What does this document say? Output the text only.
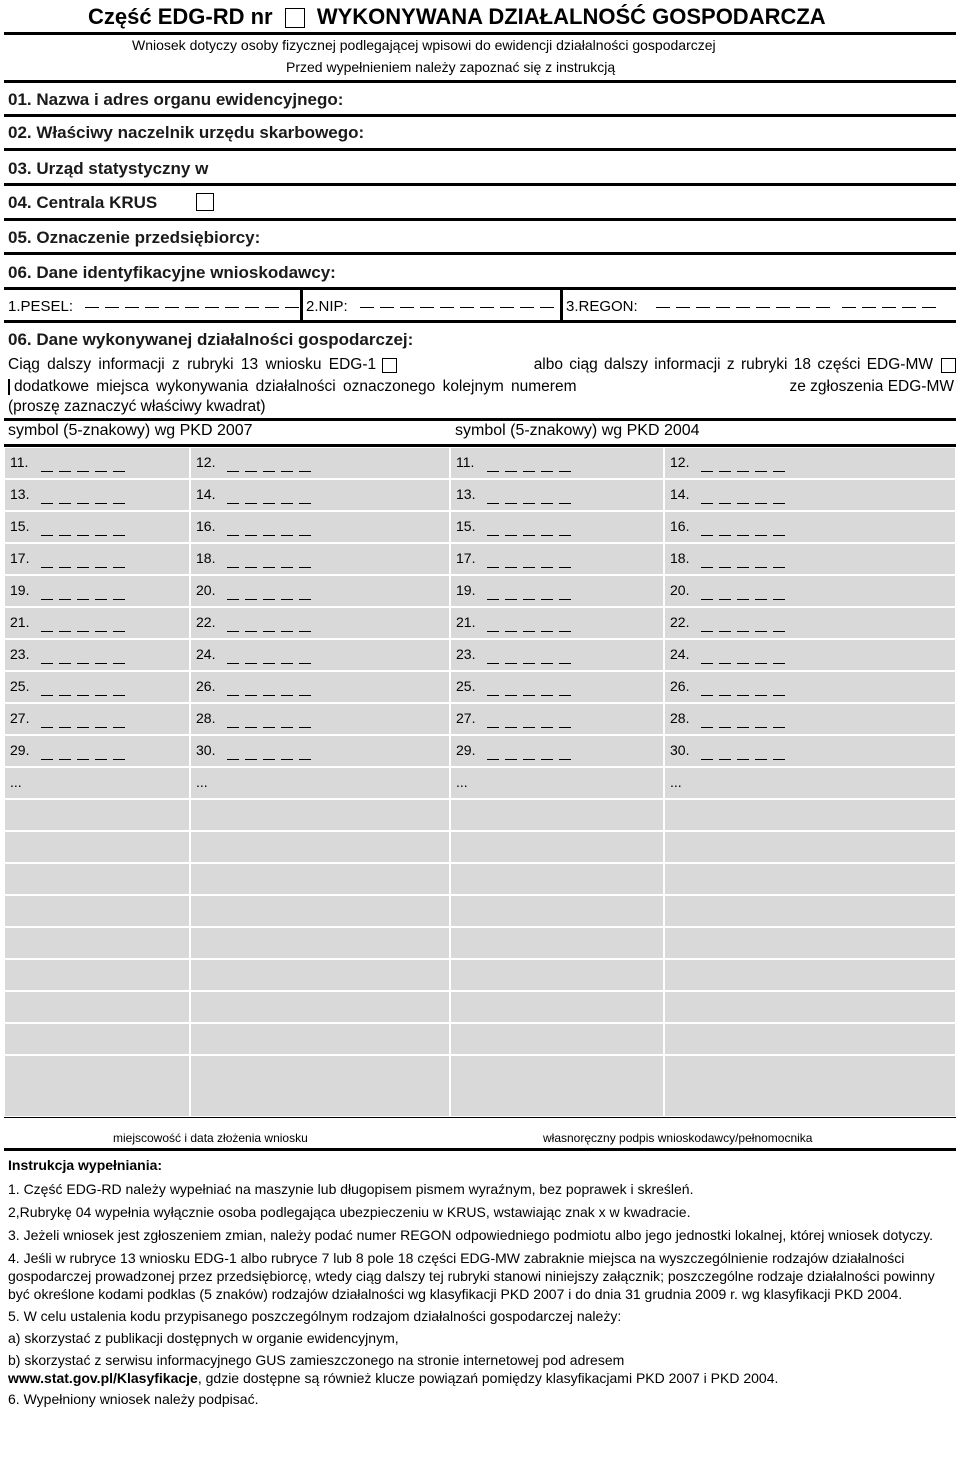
Część EDG-RD nr WYKONYWANA DZIAŁALNOŚĆ GOSPODARCZA
Wniosek dotyczy osoby fizycznej podlegającej wpisowi do ewidencji działalności gospodarczej
Przed wypełnieniem należy zapoznać się z instrukcją
01. Nazwa i adres organu ewidencyjnego:
02. Właściwy naczelnik urzędu skarbowego:
03. Urząd statystyczny w
04. Centrala KRUS
05. Oznaczenie przedsiębiorcy:
06. Dane identyfikacyjne wnioskodawcy:
1.PESEL:	2.NIP:	3.REGON:
06. Dane wykonywanej działalności gospodarczej:
Ciąg dalszy informacji z rubryki 13 wniosku EDG-1	albo ciąg dalszy informacji z rubryki 18 części EDG-MW
dodatkowe miejsca wykonywania działalności oznaczonego kolejnym numerem	ze zgłoszenia EDG-MW
(proszę zaznaczyć właściwy kwadrat)
symbol (5-znakowy) wg PKD 2007	symbol (5-znakowy) wg PKD 2004
11.	12.	11.	12.
13.	14.	13.	14.
15.	16.	15.	16.
17.	18.	17.	18.
19.	20.	19.	20.
21.	22.	21.	22.
23.	24.	23.	24.
25.	26.	25.	26.
27.	28.	27.	28.
29.	30.	29.	30.
...	...	...	...
miejscowość i data złożenia wniosku	własnoręczny podpis wnioskodawcy/pełnomocnika

Instrukcja wypełniania:

1. Część EDG-RD należy wypełniać na maszynie lub długopisem pismem wyraźnym, bez poprawek i skreśleń.

2,Rubrykę 04 wypełnia wyłącznie osoba podlegająca ubezpieczeniu w KRUS, wstawiając znak x w kwadracie.

3. Jeżeli wniosek jest zgłoszeniem zmian, należy podać numer REGON odpowiedniego podmiotu albo jego jednostki lokalnej, której wniosek dotyczy.

4. Jeśli w rubryce 13 wniosku EDG-1 albo rubryce 7 lub 8 pole 18 części EDG-MW zabraknie miejsca na wyszczególnienie rodzajów działalności gospodarczej prowadzonej przez przedsiębiorcę, wtedy ciąg dalszy tej rubryki stanowi niniejszy załącznik; poszczególne rodzaje działalności powinny być określone kodami podklas (5 znaków) rodzajów działalności wg klasyfikacji PKD 2007 i do dnia 31 grudnia 2009 r. wg klasyfikacji PKD 2004.

5. W celu ustalenia kodu przypisanego poszczególnym rodzajom działalności gospodarczej należy:

a) skorzystać z publikacji dostępnych w organie ewidencyjnym,

b) skorzystać z serwisu informacyjnego GUS zamieszczonego na stronie internetowej pod adresem

www.stat.gov.pl/Klasyfikacje, gdzie dostępne są również klucze powiązań pomiędzy klasyfikacjami PKD 2007 i PKD 2004.

6. Wypełniony wniosek należy podpisać.
